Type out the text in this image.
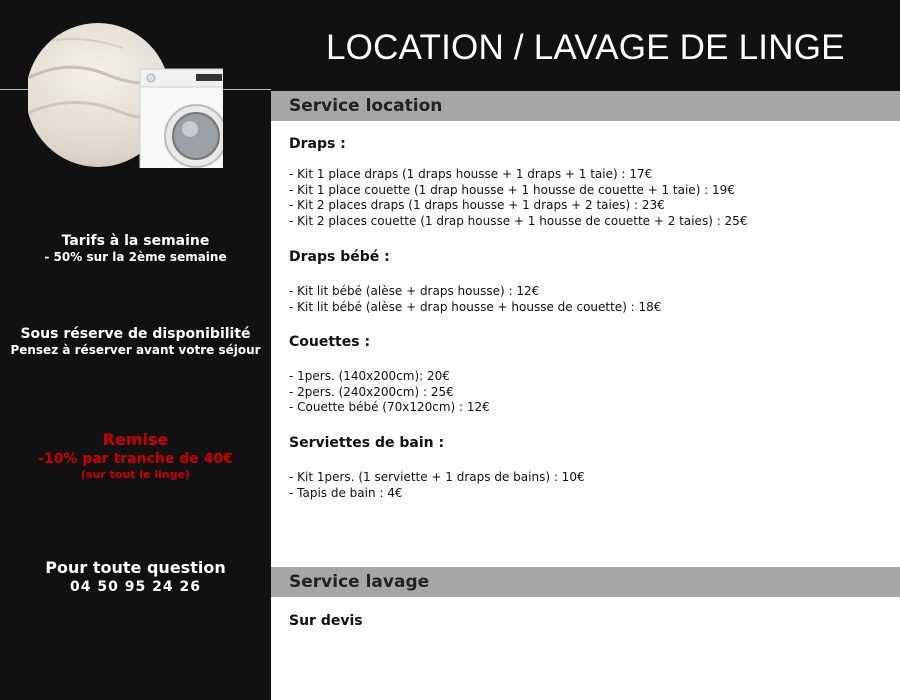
LOCATION / LAVAGE DE LINGE
Tarifs à la semaine
- 50% sur la 2ème semaine
Sous réserve de disponibilité
Pensez à réserver avant votre séjour
Remise
-10% par tranche de 40€
(sur tout le linge)
Pour toute question
04 50 95 24 26
Service location
Draps :
- Kit 1 place draps (1 draps housse + 1 draps + 1 taie) : 17€
- Kit 1 place couette (1 drap housse + 1 housse de couette + 1 taie) : 19€
- Kit 2 places draps (1 draps housse + 1 draps + 2 taies) : 23€
- Kit 2 places couette (1 drap housse + 1 housse de couette + 2 taies) : 25€
Draps bébé :
- Kit lit bébé (alèse + draps housse) : 12€
- Kit lit bébé (alèse + drap housse + housse de couette) : 18€
Couettes :
- 1pers. (140x200cm): 20€
- 2pers. (240x200cm) : 25€
- Couette bébé (70x120cm) : 12€
Serviettes de bain :
- Kit 1pers. (1 serviette + 1 draps de bains) : 10€
- Tapis de bain : 4€
Service lavage
Sur devis
